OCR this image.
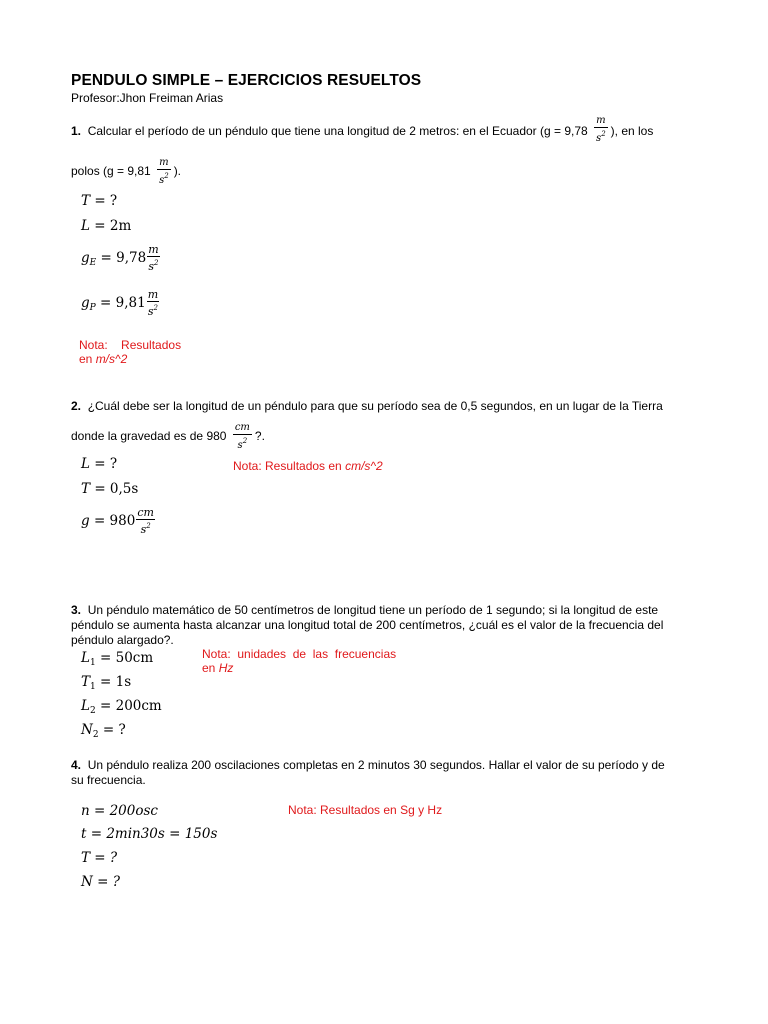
PENDULO SIMPLE – EJERCICIOS RESUELTOS
Profesor:Jhon Freiman Arias
1. Calcular el período de un péndulo que tiene una longitud de 2 metros: en el Ecuador ($g = 9,78 \frac{m}{s^2}$ ), en los
polos ($g = 9,81 \frac{m}{s^2}$ ).
T = ?
L = 2m
$g_E = 9,78 \frac{m}{s^2}$
$g_P = 9,81 \frac{m}{s^2}$
Nota: Resultados
en m/s^2
2. ¿Cuál debe ser la longitud de un péndulo para que su período sea de 0,5 segundos, en un lugar de la Tierra
donde la gravedad es de $980 \frac{cm}{s^2}$ ?.
L = ?
T = 0,5s
$g = 980 \frac{cm}{s^2}$
Nota: Resultados en cm/s^2
3. Un péndulo matemático de 50 centímetros de longitud tiene un período de 1 segundo; si la longitud de este
péndulo se aumenta hasta alcanzar una longitud total de 200 centímetros, ¿cuál es el valor de la frecuencia del
péndulo alargado?.
$L_1 = 50cm$
$T_1 = 1s$
$L_2 = 200cm$
$N_2$ = ?
Nota:  unidades  de  las  frecuencias
en Hz
4. Un péndulo realiza 200 oscilaciones completas en 2 minutos 30 segundos. Hallar el valor de su período y de
su frecuencia.
n = 200osc
t = 2min30s = 150s
T = ?
N = ?
Nota: Resultados en Sg y Hz
